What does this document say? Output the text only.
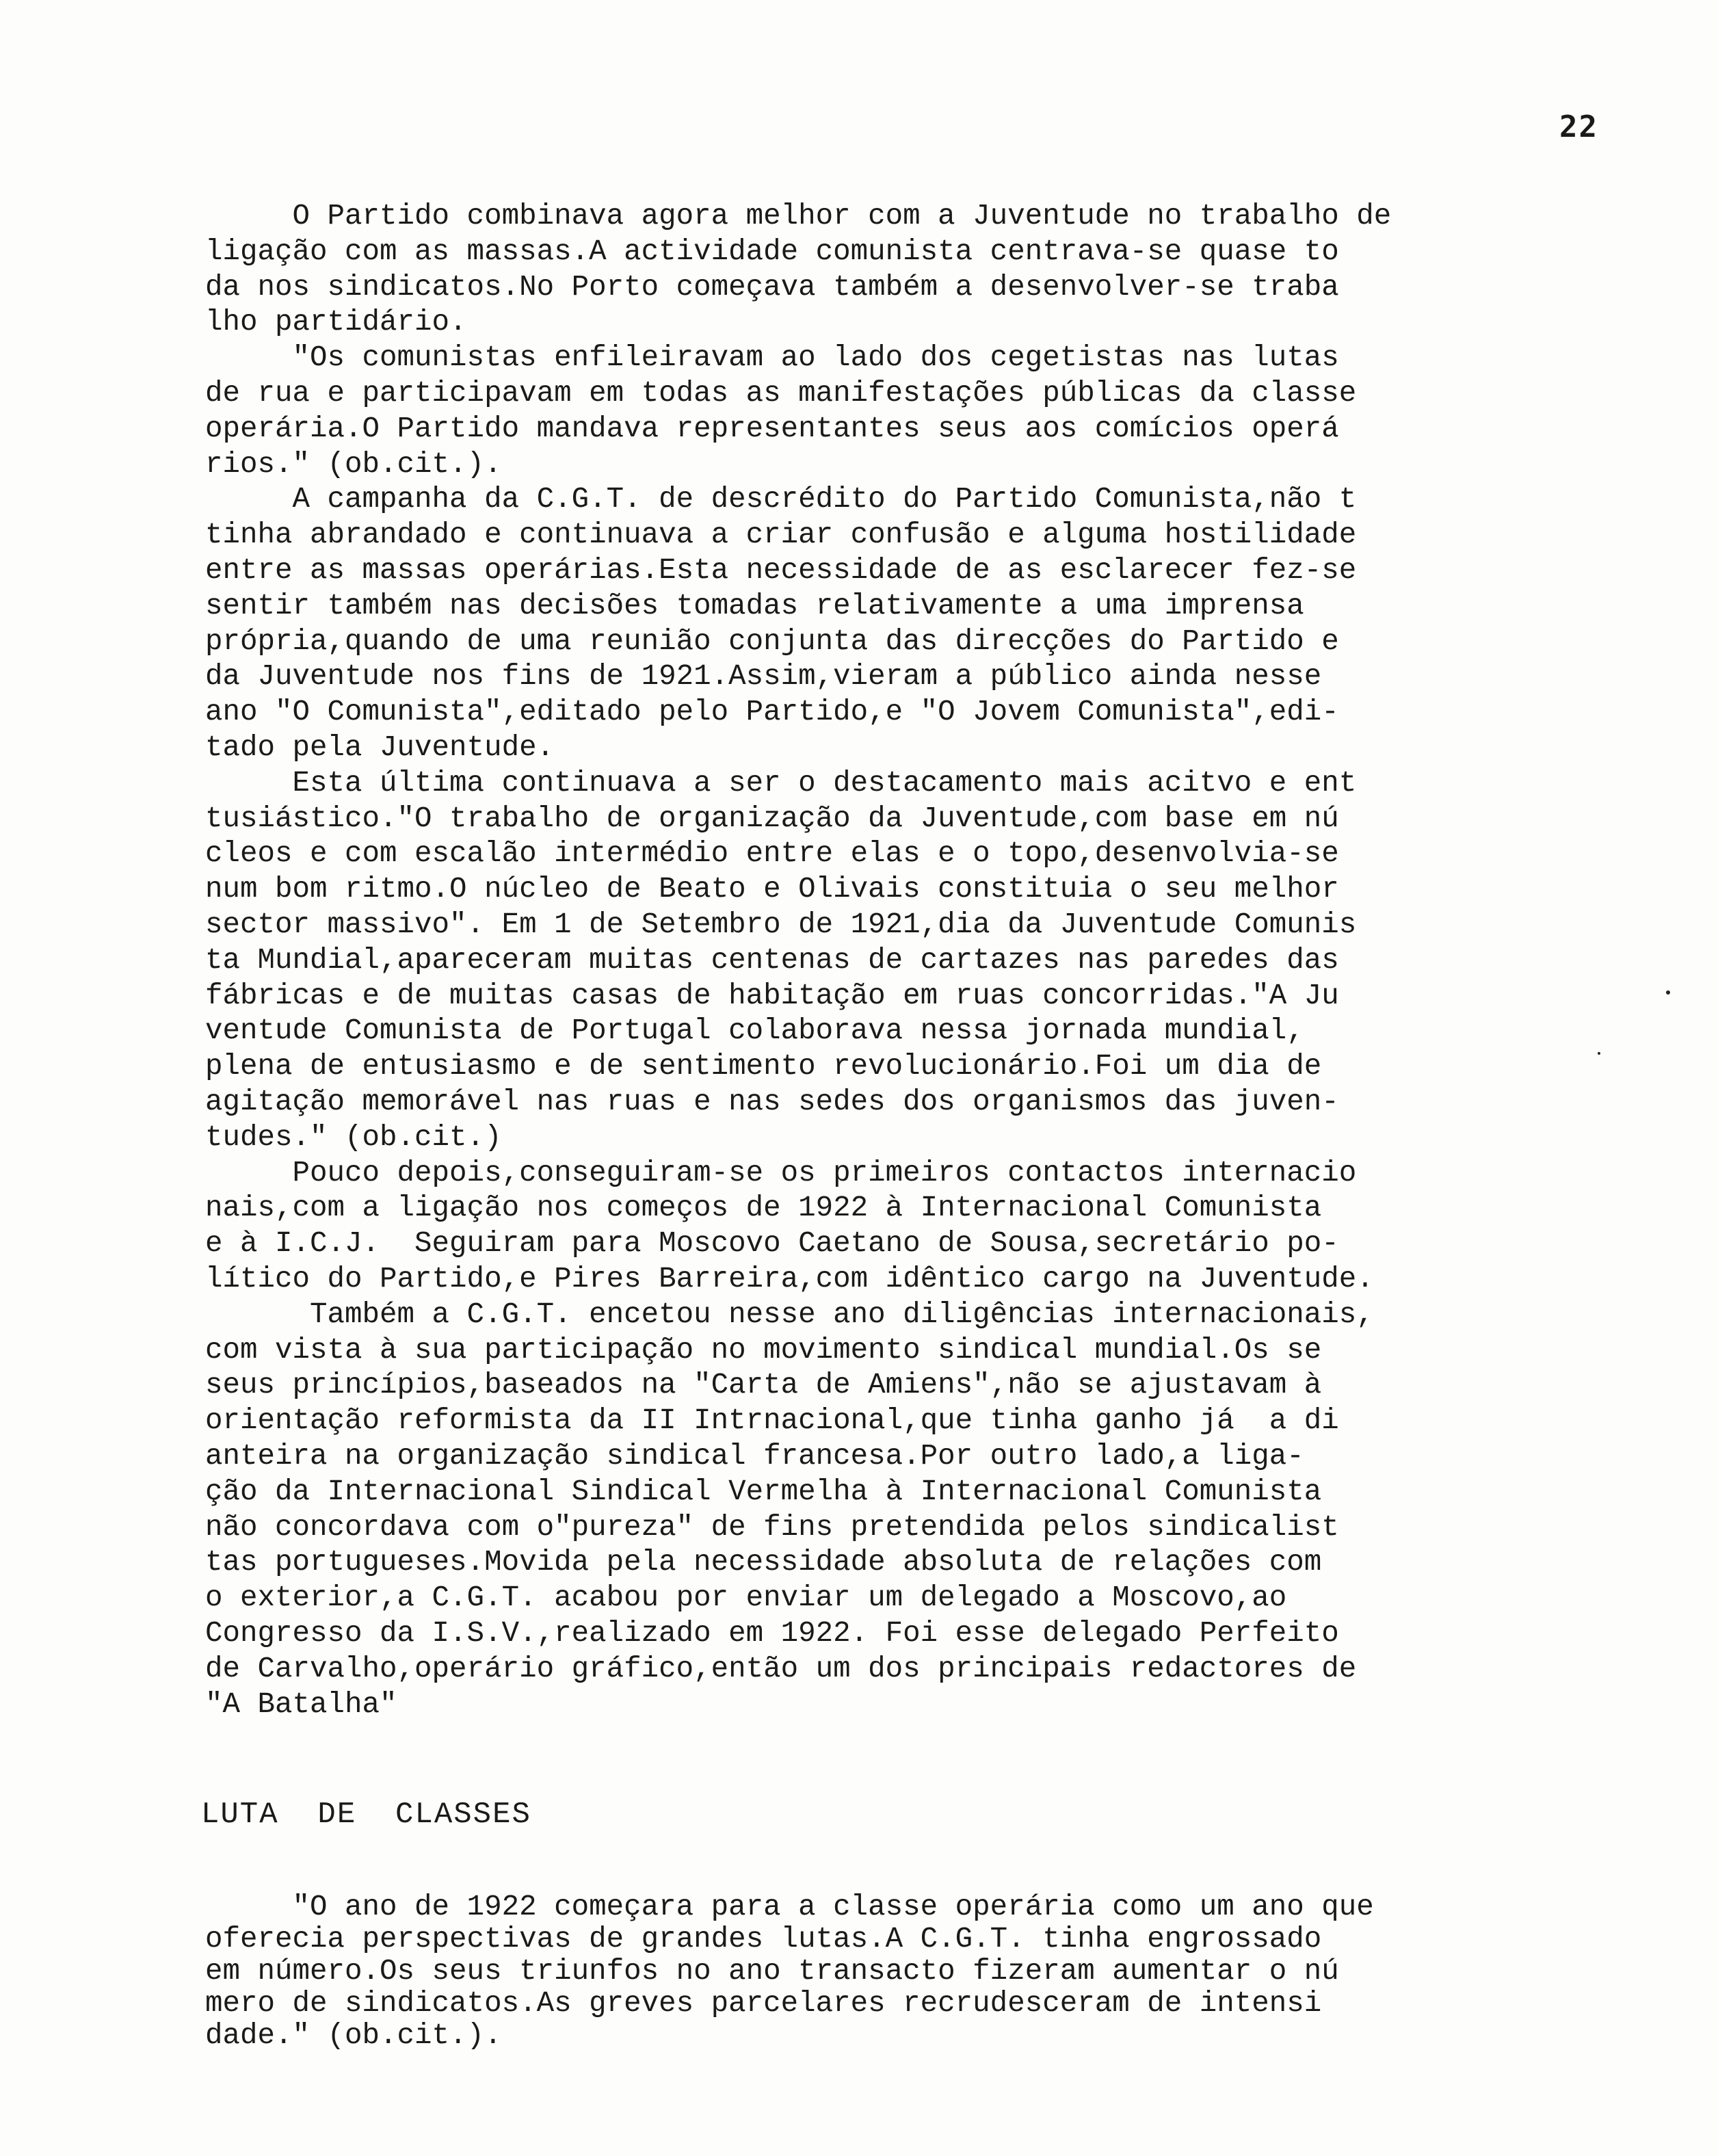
22
O Partido combinava agora melhor com a Juventude no trabalho de
ligação com as massas.A actividade comunista centrava-se quase to
da nos sindicatos.No Porto começava também a desenvolver-se traba
lho partidário.
"Os comunistas enfileiravam ao lado dos cegetistas nas lutas
de rua e participavam em todas as manifestações públicas da classe
operária.O Partido mandava representantes seus aos comícios operá
rios." (ob.cit.).
A campanha da C.G.T. de descrédito do Partido Comunista,não t
tinha abrandado e continuava a criar confusão e alguma hostilidade
entre as massas operárias.Esta necessidade de as esclarecer fez-se
sentir também nas decisões tomadas relativamente a uma imprensa
própria,quando de uma reunião conjunta das direcções do Partido e
da Juventude nos fins de 1921.Assim,vieram a público ainda nesse
ano "O Comunista",editado pelo Partido,e "O Jovem Comunista",edi-
tado pela Juventude.
Esta última continuava a ser o destacamento mais acitvo e ent
tusiástico."O trabalho de organização da Juventude,com base em nú
cleos e com escalão intermédio entre elas e o topo,desenvolvia-se
num bom ritmo.O núcleo de Beato e Olivais constituia o seu melhor
sector massivo". Em 1 de Setembro de 1921,dia da Juventude Comunis
ta Mundial,apareceram muitas centenas de cartazes nas paredes das
fábricas e de muitas casas de habitação em ruas concorridas."A Ju
ventude Comunista de Portugal colaborava nessa jornada mundial,
plena de entusiasmo e de sentimento revolucionário.Foi um dia de
agitação memorável nas ruas e nas sedes dos organismos das juven-
tudes." (ob.cit.)
Pouco depois,conseguiram-se os primeiros contactos internacio
nais,com a ligação nos começos de 1922 à Internacional Comunista
e à I.C.J.  Seguiram para Moscovo Caetano de Sousa,secretário po-
lítico do Partido,e Pires Barreira,com idêntico cargo na Juventude.
Também a C.G.T. encetou nesse ano diligências internacionais,
com vista à sua participação no movimento sindical mundial.Os se
seus princípios,baseados na "Carta de Amiens",não se ajustavam à
orientação reformista da II Intrnacional,que tinha ganho já  a di
anteira na organização sindical francesa.Por outro lado,a liga-
ção da Internacional Sindical Vermelha à Internacional Comunista
não concordava com o"pureza" de fins pretendida pelos sindicalist
tas portugueses.Movida pela necessidade absoluta de relações com
o exterior,a C.G.T. acabou por enviar um delegado a Moscovo,ao
Congresso da I.S.V.,realizado em 1922. Foi esse delegado Perfeito
de Carvalho,operário gráfico,então um dos principais redactores de
"A Batalha"
LUTA  DE  CLASSES
"O ano de 1922 começara para a classe operária como um ano que
oferecia perspectivas de grandes lutas.A C.G.T. tinha engrossado
em número.Os seus triunfos no ano transacto fizeram aumentar o nú
mero de sindicatos.As greves parcelares recrudesceram de intensi
dade." (ob.cit.).
